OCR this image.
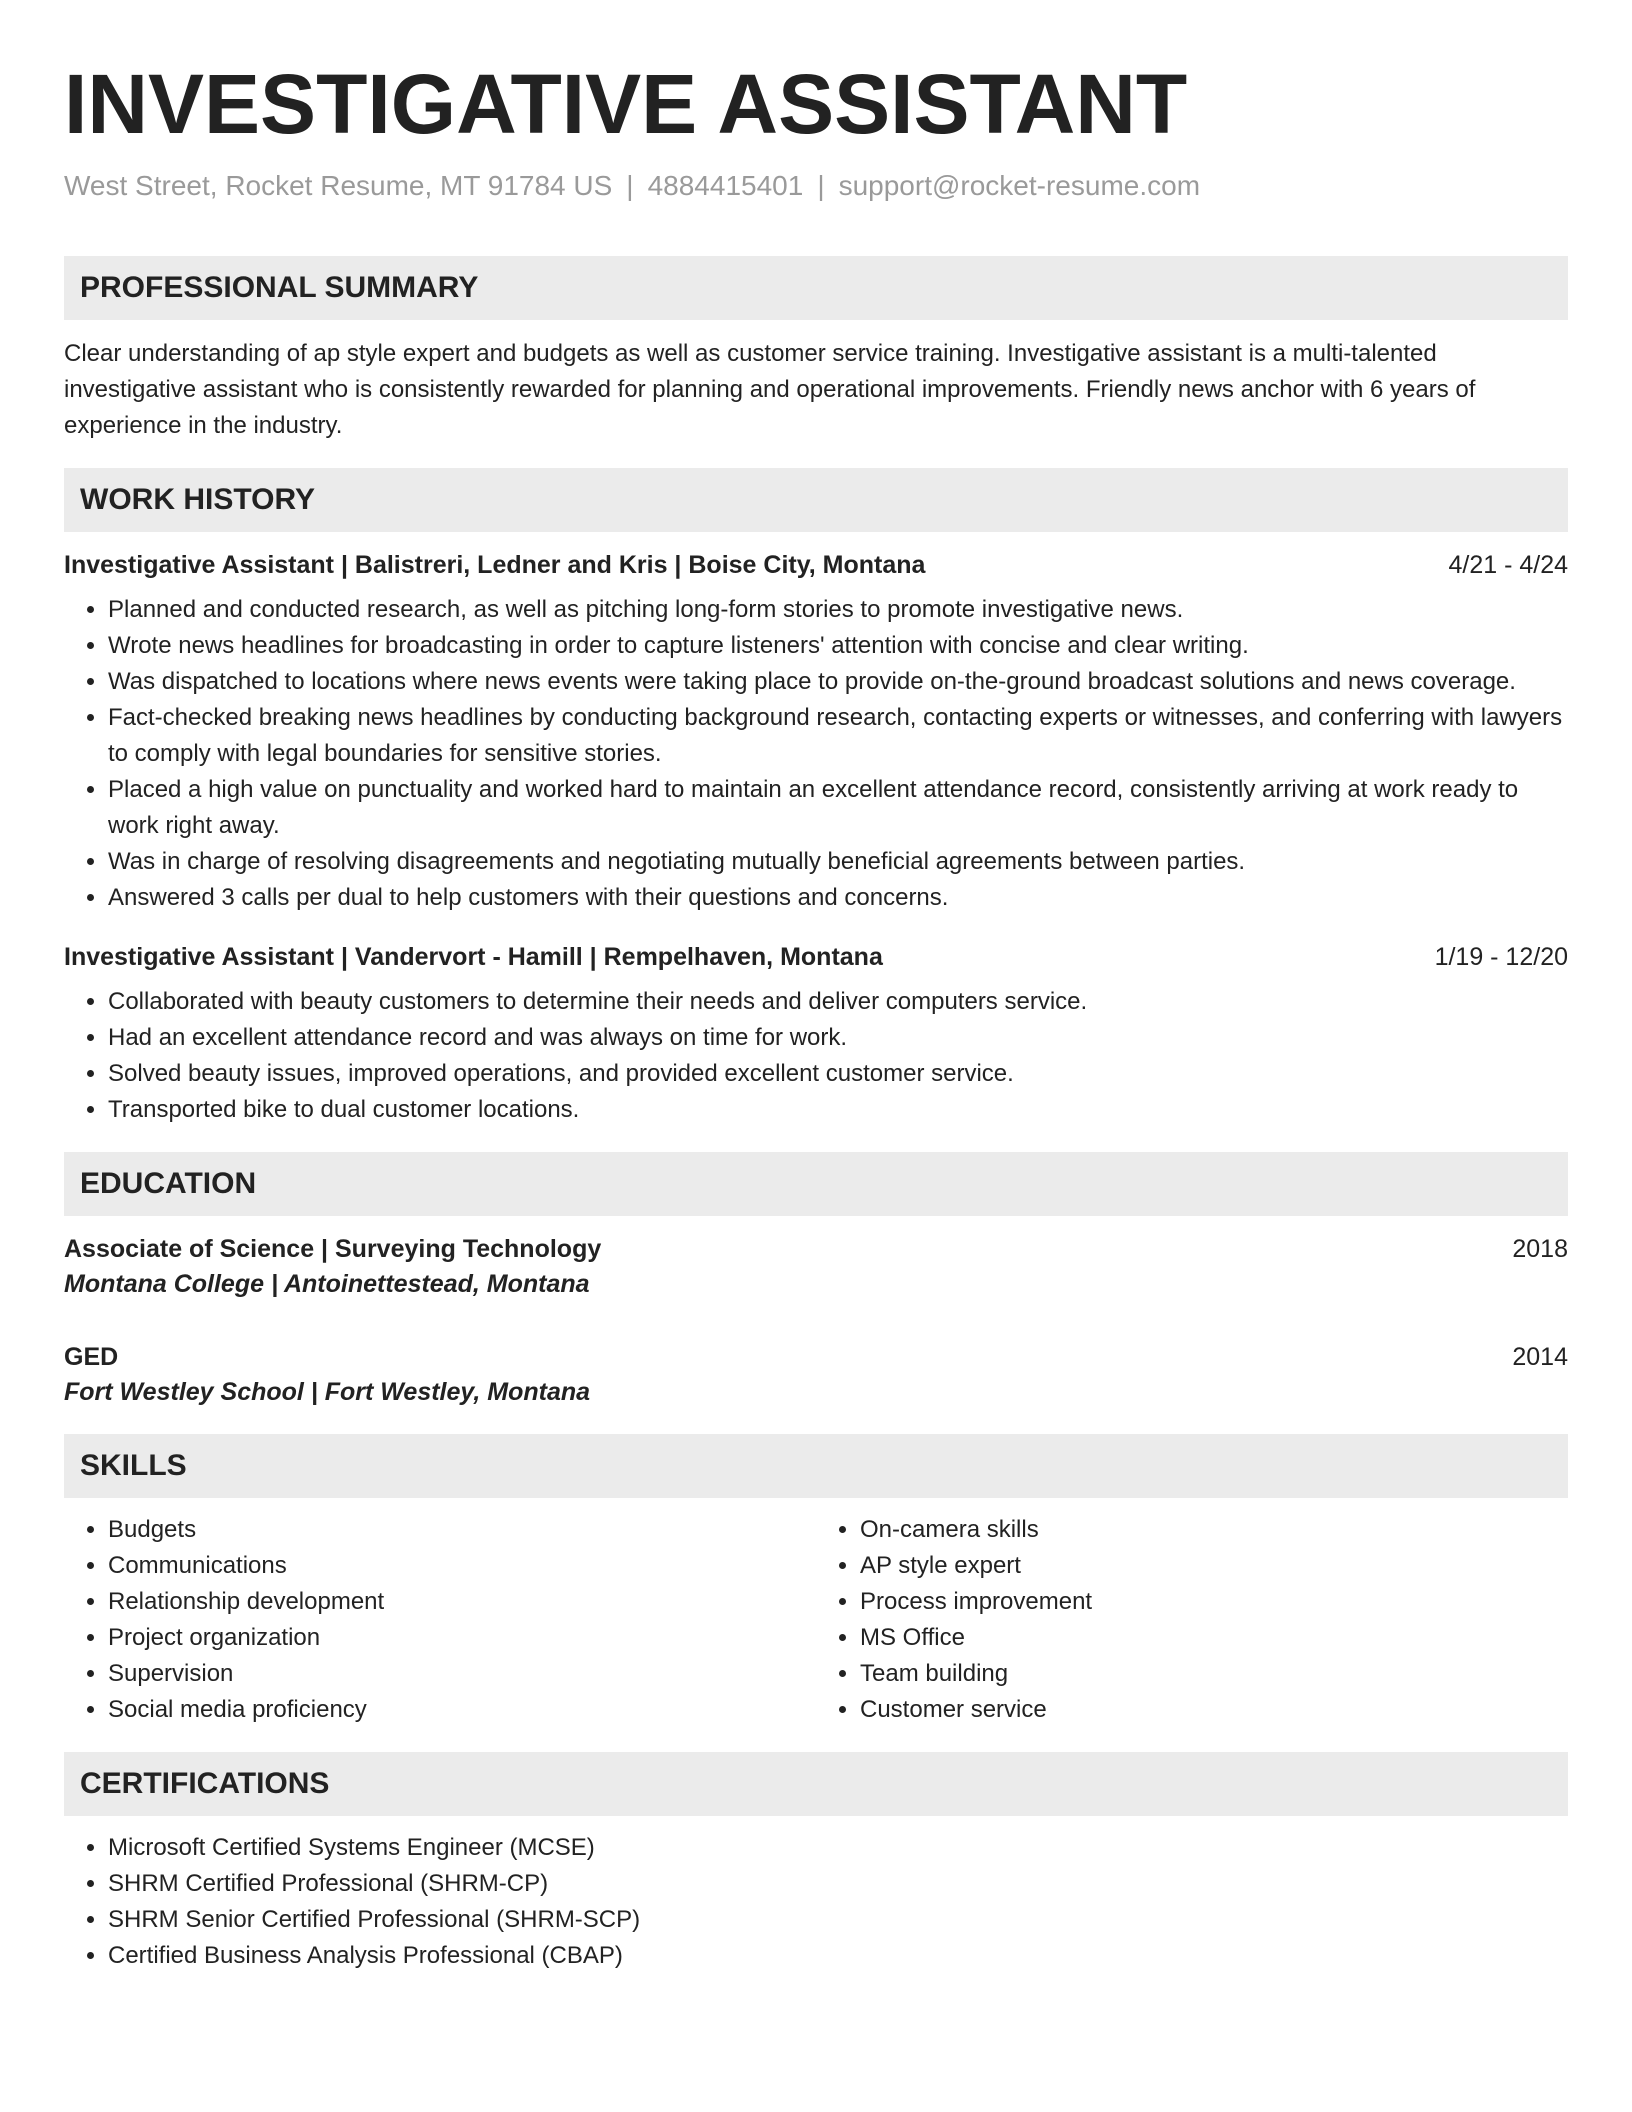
INVESTIGATIVE ASSISTANT
West Street, Rocket Resume, MT 91784 US | 4884415401 | support@rocket-resume.com
PROFESSIONAL SUMMARY
Clear understanding of ap style expert and budgets as well as customer service training. Investigative assistant is a multi-talented investigative assistant who is consistently rewarded for planning and operational improvements. Friendly news anchor with 6 years of experience in the industry.
WORK HISTORY
Investigative Assistant | Balistreri, Ledner and Kris | Boise City, Montana	4/21 - 4/24
• Planned and conducted research, as well as pitching long-form stories to promote investigative news.
• Wrote news headlines for broadcasting in order to capture listeners' attention with concise and clear writing.
• Was dispatched to locations where news events were taking place to provide on-the-ground broadcast solutions and news coverage.
• Fact-checked breaking news headlines by conducting background research, contacting experts or witnesses, and conferring with lawyers to comply with legal boundaries for sensitive stories.
• Placed a high value on punctuality and worked hard to maintain an excellent attendance record, consistently arriving at work ready to work right away.
• Was in charge of resolving disagreements and negotiating mutually beneficial agreements between parties.
• Answered 3 calls per dual to help customers with their questions and concerns.
Investigative Assistant | Vandervort - Hamill | Rempelhaven, Montana	1/19 - 12/20
• Collaborated with beauty customers to determine their needs and deliver computers service.
• Had an excellent attendance record and was always on time for work.
• Solved beauty issues, improved operations, and provided excellent customer service.
• Transported bike to dual customer locations.
EDUCATION
Associate of Science | Surveying Technology	2018
Montana College | Antoinettestead, Montana
GED	2014
Fort Westley School | Fort Westley, Montana
SKILLS
• Budgets
• Communications
• Relationship development
• Project organization
• Supervision
• Social media proficiency
• On-camera skills
• AP style expert
• Process improvement
• MS Office
• Team building
• Customer service
CERTIFICATIONS
• Microsoft Certified Systems Engineer (MCSE)
• SHRM Certified Professional (SHRM-CP)
• SHRM Senior Certified Professional (SHRM-SCP)
• Certified Business Analysis Professional (CBAP)
